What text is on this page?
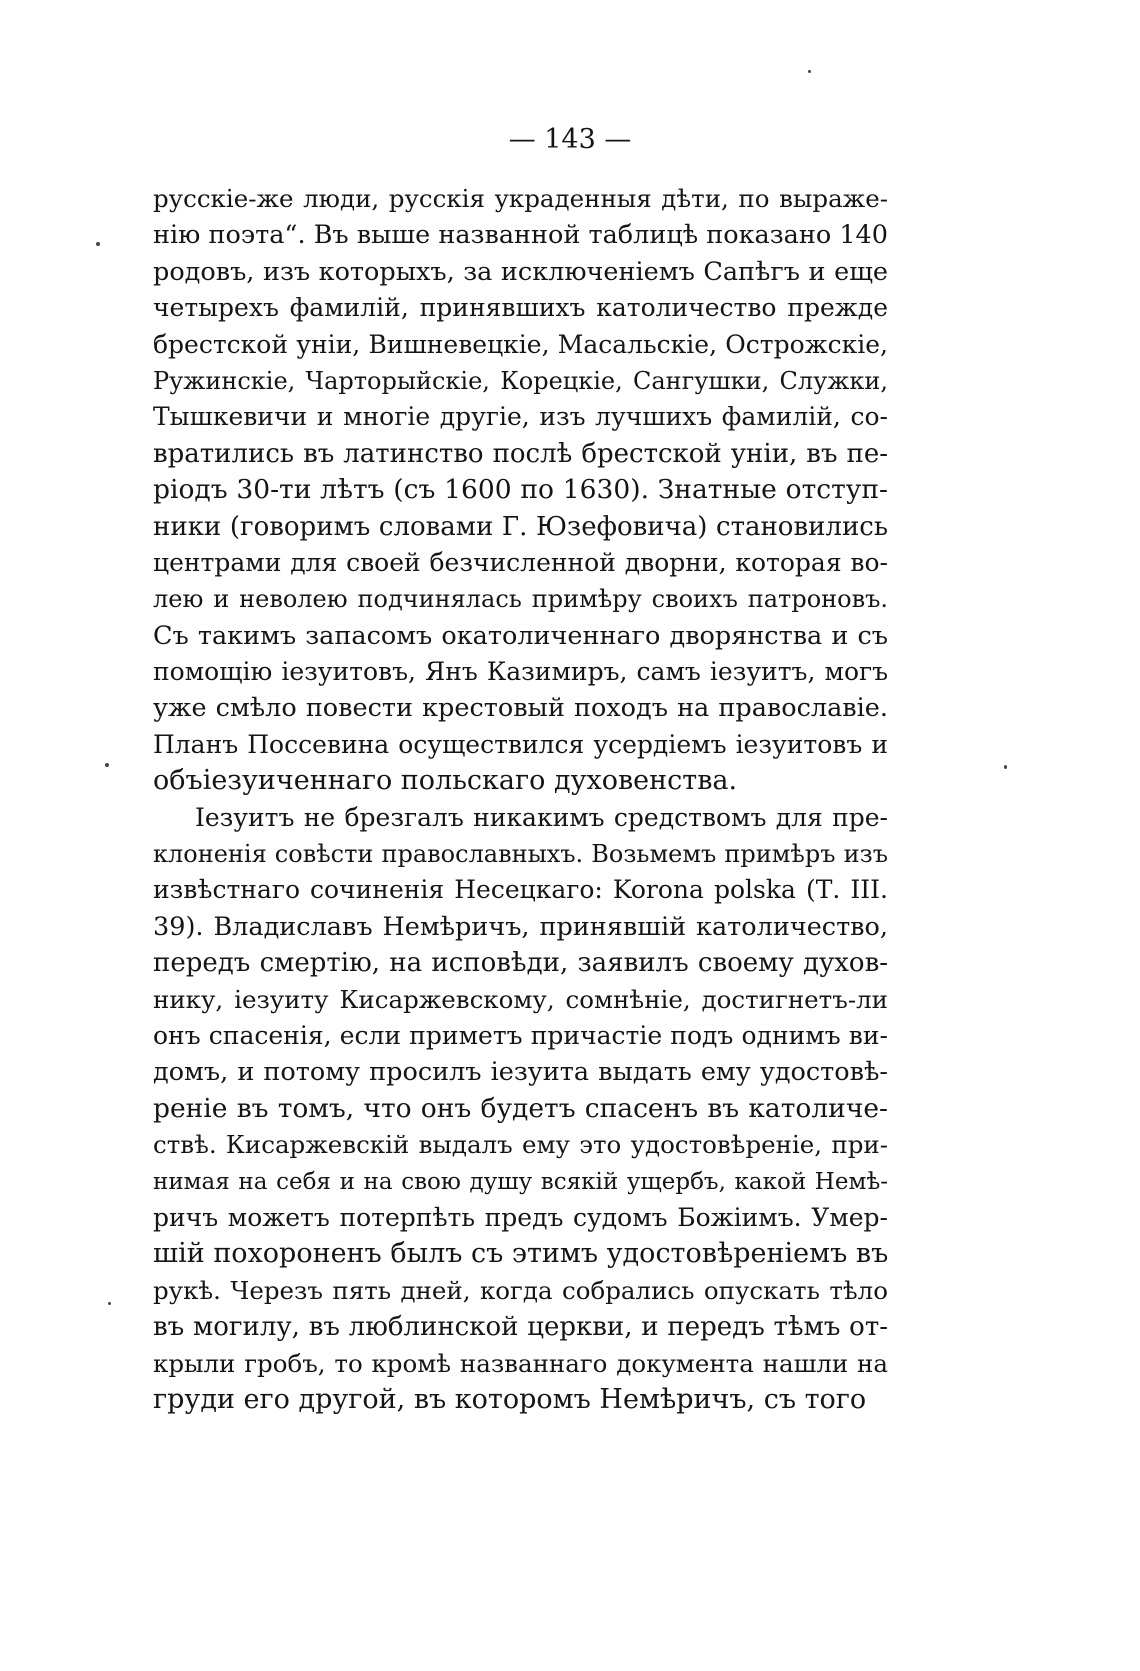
— 143 —
русскіе-же люди, русскія украденныя дѣти, по выраже-
нію поэта“. Въ выше названной таблицѣ показано 140
родовъ, изъ которыхъ, за исключеніемъ Сапѣгъ и еще
четырехъ фамилій, принявшихъ католичество прежде
брестской уніи, Вишневецкіе, Масальскіе, Острожскіе,
Ружинскіе, Чарторыйскіе, Корецкіе, Сангушки, Служки,
Тышкевичи и многіе другіе, изъ лучшихъ фамилій, со-
вратились въ латинство послѣ брестской уніи, въ пе-
ріодъ 30-ти лѣтъ (съ 1600 по 1630). Знатные отступ-
ники (говоримъ словами Г. Юзефовича) становились
центрами для своей безчисленной дворни, которая во-
лею и неволею подчинялась примѣру своихъ патроновъ.
Съ такимъ запасомъ окатоличеннаго дворянства и съ
помощію іезуитовъ, Янъ Казимиръ, самъ іезуитъ, могъ
уже смѣло повести крестовый походъ на православіе.
Планъ Поссевина осуществился усердіемъ іезуитовъ и
объіезуиченнаго польскаго духовенства.
Іезуитъ не брезгалъ никакимъ средствомъ для пре-
клоненія совѣсти православныхъ. Возьмемъ примѣръ изъ
извѣстнаго сочиненія Несецкаго: Korona polska (Т. III.
39). Владиславъ Немѣричъ, принявшій католичество,
передъ смертію, на исповѣди, заявилъ своему духов-
нику, іезуиту Кисаржевскому, сомнѣніе, достигнетъ-ли
онъ спасенія, если приметъ причастіе подъ однимъ ви-
домъ, и потому просилъ іезуита выдать ему удостовѣ-
реніе въ томъ, что онъ будетъ спасенъ въ католиче-
ствѣ. Кисаржевскій выдалъ ему это удостовѣреніе, при-
нимая на себя и на свою душу всякій ущербъ, какой Немѣ-
ричъ можетъ потерпѣть предъ судомъ Божіимъ. Умер-
шій похороненъ былъ съ этимъ удостовѣреніемъ въ
рукѣ. Черезъ пять дней, когда собрались опускать тѣло
въ могилу, въ люблинской церкви, и передъ тѣмъ от-
крыли гробъ, то кромѣ названнаго документа нашли на
груди его другой, въ которомъ Немѣричъ, съ того
